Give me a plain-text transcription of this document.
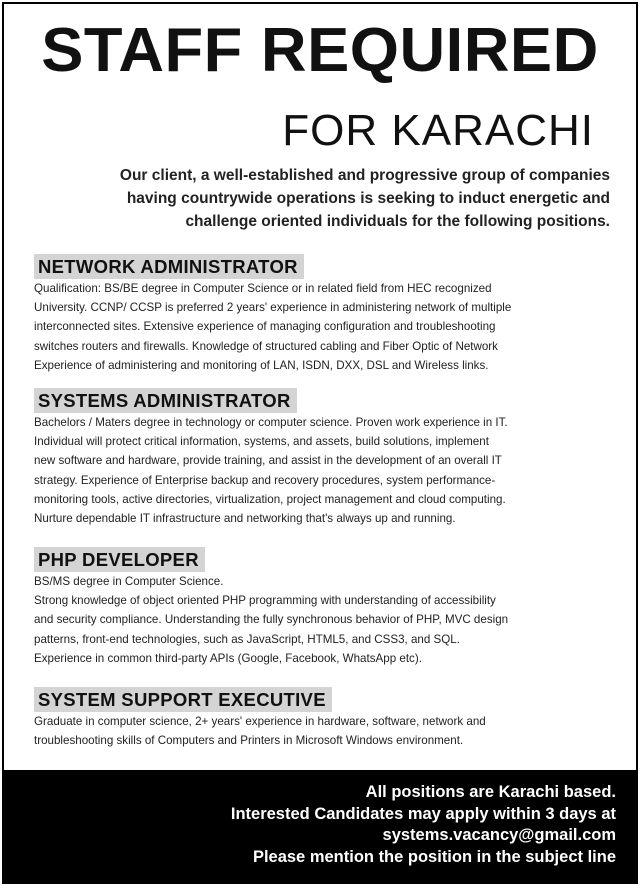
STAFF REQUIRED
FOR KARACHI
Our client, a well-established and progressive group of companies
having countrywide operations is seeking to induct energetic and
challenge oriented individuals for the following positions.
NETWORK ADMINISTRATOR
Qualification: BS/BE degree in Computer Science or in related field from HEC recognized
University. CCNP/ CCSP is preferred 2 years' experience in administering network of multiple
interconnected sites. Extensive experience of managing configuration and troubleshooting
switches routers and firewalls. Knowledge of structured cabling and Fiber Optic of Network
Experience of administering and monitoring of LAN, ISDN, DXX, DSL and Wireless links.
SYSTEMS ADMINISTRATOR
Bachelors / Maters degree in technology or computer science. Proven work experience in IT.
Individual will protect critical information, systems, and assets, build solutions, implement
new software and hardware, provide training, and assist in the development of an overall IT
strategy. Experience of Enterprise backup and recovery procedures, system performance-
monitoring tools, active directories, virtualization, project management and cloud computing.
Nurture dependable IT infrastructure and networking that's always up and running.
PHP DEVELOPER
BS/MS degree in Computer Science.
Strong knowledge of object oriented PHP programming with understanding of accessibility
and security compliance. Understanding the fully synchronous behavior of PHP, MVC design
patterns, front-end technologies, such as JavaScript, HTML5, and CSS3, and SQL.
Experience in common third-party APIs (Google, Facebook, WhatsApp etc).
SYSTEM SUPPORT EXECUTIVE
Graduate in computer science, 2+ years' experience in hardware, software, network and
troubleshooting skills of Computers and Printers in Microsoft Windows environment.
All positions are Karachi based.
Interested Candidates may apply within 3 days at
systems.vacancy@gmail.com
Please mention the position in the subject line
